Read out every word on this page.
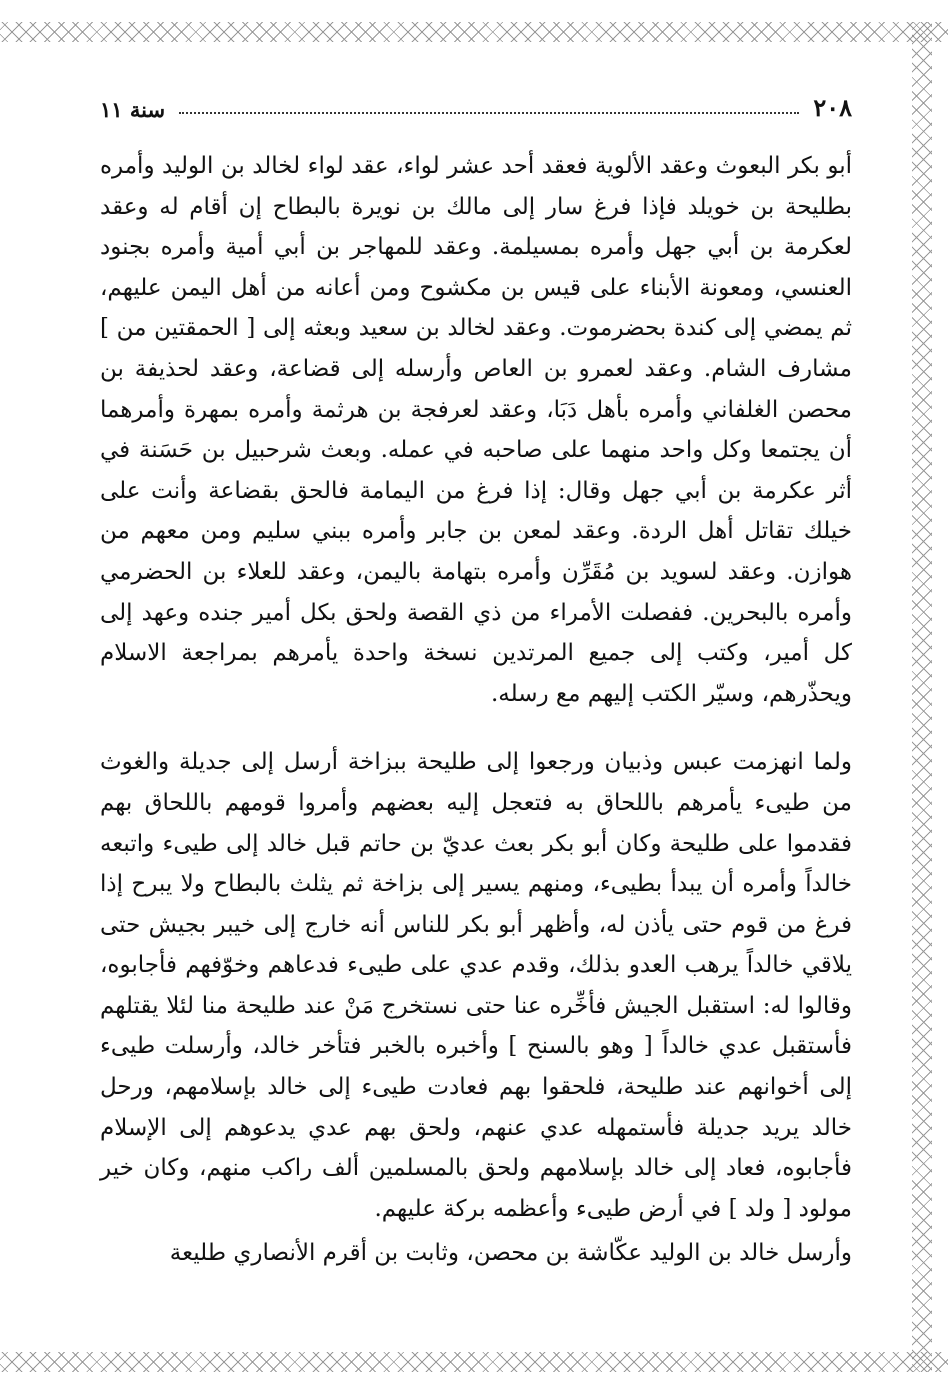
٢٠٨
سنة ١١

أبو بكر البعوث وعقد الألوية فعقد أحد عشر لواء، عقد لواء لخالد بن الوليد وأمره بطليحة بن خويلد فإذا فرغ سار إلى مالك بن نويرة بالبطاح إن أقام له وعقد لعكرمة بن أبي جهل وأمره بمسيلمة. وعقد للمهاجر بن أبي أمية وأمره بجنود العنسي، ومعونة الأبناء على قيس بن مكشوح ومن أعانه من أهل اليمن عليهم، ثم يمضي إلى كندة بحضرموت. وعقد لخالد بن سعيد وبعثه إلى [ الحمقتين من ] مشارف الشام. وعقد لعمرو بن العاص وأرسله إلى قضاعة، وعقد لحذيفة بن محصن الغلفاني وأمره بأهل دَبَا، وعقد لعرفجة بن هرثمة وأمره بمهرة وأمرهما أن يجتمعا وكل واحد منهما على صاحبه في عمله. وبعث شرحبيل بن حَسَنة في أثر عكرمة بن أبي جهل وقال: إذا فرغ من اليمامة فالحق بقضاعة وأنت على خيلك تقاتل أهل الردة. وعقد لمعن بن جابر وأمره ببني سليم ومن معهم من هوازن. وعقد لسويد بن مُقَرِّن وأمره بتهامة باليمن، وعقد للعلاء بن الحضرمي وأمره بالبحرين. ففصلت الأمراء من ذي القصة ولحق بكل أمير جنده وعهد إلى كل أمير، وكتب إلى جميع المرتدين نسخة واحدة يأمرهم بمراجعة الاسلام ويحذّرهم، وسيّر الكتب إليهم مع رسله.

ولما انهزمت عبس وذبيان ورجعوا إلى طليحة ببزاخة أرسل إلى جديلة والغوث من طيىء يأمرهم باللحاق به فتعجل إليه بعضهم وأمروا قومهم باللحاق بهم فقدموا على طليحة وكان أبو بكر بعث عديّ بن حاتم قبل خالد إلى طيىء واتبعه خالداً وأمره أن يبدأ بطيىء، ومنهم يسير إلى بزاخة ثم يثلث بالبطاح ولا يبرح إذا فرغ من قوم حتى يأذن له، وأظهر أبو بكر للناس أنه خارج إلى خيبر بجيش حتى يلاقي خالداً يرهب العدو بذلك، وقدم عدي على طيىء فدعاهم وخوّفهم فأجابوه، وقالوا له: استقبل الجيش فأخِّره عنا حتى نستخرج مَنْ عند طليحة منا لئلا يقتلهم فأستقبل عدي خالداً [ وهو بالسنح ] وأخبره بالخبر فتأخر خالد، وأرسلت طيىء إلى أخوانهم عند طليحة، فلحقوا بهم فعادت طيىء إلى خالد بإسلامهم، ورحل خالد يريد جديلة فأستمهله عدي عنهم، ولحق بهم عدي يدعوهم إلى الإسلام فأجابوه، فعاد إلى خالد بإسلامهم ولحق بالمسلمين ألف راكب منهم، وكان خير مولود [ ولد ] في أرض طيىء وأعظمه بركة عليهم.

وأرسل خالد بن الوليد عكّاشة بن محصن، وثابت بن أقرم الأنصاري طليعة
